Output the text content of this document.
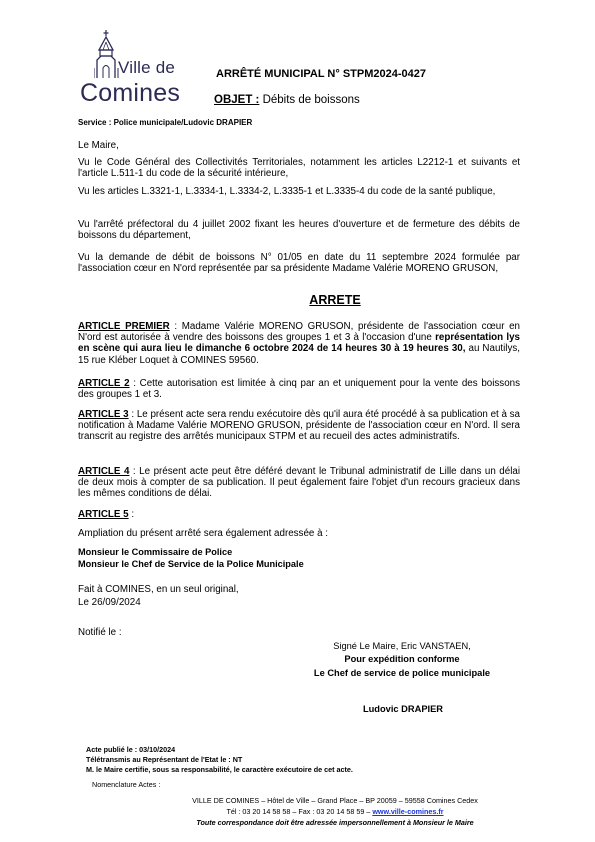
Ville de
Comines
ARRÊTÉ MUNICIPAL N° STPM2024-0427
OBJET : Débits de boissons
Service : Police municipale/Ludovic DRAPIER

Le Maire,

Vu le Code Général des Collectivités Territoriales, notamment les articles L2212-1 et suivants et l'article L.511-1 du code de la sécurité intérieure,

Vu les articles L.3321-1, L.3334-1, L.3334-2, L.3335-1 et L.3335-4 du code de la santé publique,

Vu l'arrêté préfectoral du 4 juillet 2002 fixant les heures d'ouverture et de fermeture des débits de boissons du département,

Vu la demande de débit de boissons N° 01/05 en date du 11 septembre 2024 formulée par l'association cœur en N'ord représentée par sa présidente Madame Valérie MORENO GRUSON,

ARRETE

ARTICLE PREMIER : Madame Valérie MORENO GRUSON, présidente de l'association cœur en N'ord est autorisée à vendre des boissons des groupes 1 et 3 à l'occasion d'une représentation lys en scène qui aura lieu le dimanche 6 octobre 2024 de 14 heures 30 à 19 heures 30, au Nautilys, 15 rue Kléber Loquet à COMINES 59560.

ARTICLE 2 : Cette autorisation est limitée à cinq par an et uniquement pour la vente des boissons des groupes 1 et 3.

ARTICLE 3 : Le présent acte sera rendu exécutoire dès qu'il aura été procédé à sa publication et à sa notification à Madame Valérie MORENO GRUSON, présidente de l'association cœur en N'ord. Il sera transcrit au registre des arrêtés municipaux STPM et au recueil des actes administratifs.

ARTICLE 4 : Le présent acte peut être déféré devant le Tribunal administratif de Lille dans un délai de deux mois à compter de sa publication. Il peut également faire l'objet d'un recours gracieux dans les mêmes conditions de délai.

ARTICLE 5 :

Ampliation du présent arrêté sera également adressée à :

Monsieur le Commissaire de Police

Monsieur le Chef de Service de la Police Municipale

Fait à COMINES, en un seul original,

Le 26/09/2024

Notifié le :

Signé Le Maire, Eric VANSTAEN,
Pour expédition conforme
Le Chef de service de police municipale
Ludovic DRAPIER
Acte publié le : 03/10/2024
Télétransmis au Représentant de l'Etat le : NT
M. le Maire certifie, sous sa responsabilité, le caractère exécutoire de cet acte.
Nomenclature Actes :
VILLE DE COMINES – Hôtel de Ville – Grand Place – BP 20059 – 59558 Comines Cedex
Tél : 03 20 14 58 58 – Fax : 03 20 14 58 59 – www.ville-comines.fr
Toute correspondance doit être adressée impersonnellement à Monsieur le Maire
